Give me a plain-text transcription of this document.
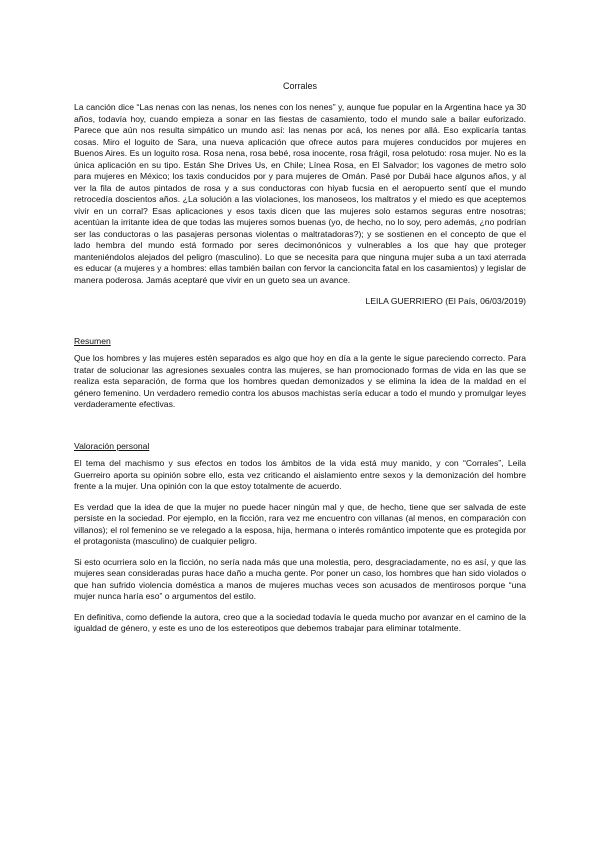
Corrales

La canción dice “Las nenas con las nenas, los nenes con los nenes” y, aunque fue popular en la Argentina hace ya 30 años, todavía hoy, cuando empieza a sonar en las fiestas de casamiento, todo el mundo sale a bailar euforizado. Parece que aún nos resulta simpático un mundo así: las nenas por acá, los nenes por allá. Eso explicaría tantas cosas. Miro el loguito de Sara, una nueva aplicación que ofrece autos para mujeres conducidos por mujeres en Buenos Aires. Es un loguito rosa. Rosa nena, rosa bebé, rosa inocente, rosa frágil, rosa pelotudo: rosa mujer. No es la única aplicación en su tipo. Están She Drives Us, en Chile; Línea Rosa, en El Salvador; los vagones de metro solo para mujeres en México; los taxis conducidos por y para mujeres de Omán. Pasé por Dubái hace algunos años, y al ver la fila de autos pintados de rosa y a sus conductoras con hiyab fucsia en el aeropuerto sentí que el mundo retrocedía doscientos años. ¿La solución a las violaciones, los manoseos, los maltratos y el miedo es que aceptemos vivir en un corral? Esas aplicaciones y esos taxis dicen que las mujeres solo estamos seguras entre nosotras; acentúan la irritante idea de que todas las mujeres somos buenas (yo, de hecho, no lo soy, pero además, ¿no podrían ser las conductoras o las pasajeras personas violentas o maltratadoras?); y se sostienen en el concepto de que el lado hembra del mundo está formado por seres decimonónicos y vulnerables a los que hay que proteger manteniéndolos alejados del peligro (masculino). Lo que se necesita para que ninguna mujer suba a un taxi aterrada es educar (a mujeres y a hombres: ellas también bailan con fervor la cancioncita fatal en los casamientos) y legislar de manera poderosa. Jamás aceptaré que vivir en un gueto sea un avance.

LEILA GUERRIERO (El País, 06/03/2019)
Resumen

Que los hombres y las mujeres estén separados es algo que hoy en día a la gente le sigue pareciendo correcto. Para tratar de solucionar las agresiones sexuales contra las mujeres, se han promocionado formas de vida en las que se realiza esta separación, de forma que los hombres quedan demonizados y se elimina la idea de la maldad en el género femenino. Un verdadero remedio contra los abusos machistas sería educar a todo el mundo y promulgar leyes verdaderamente efectivas.

Valoración personal

El tema del machismo y sus efectos en todos los ámbitos de la vida está muy manido, y con “Corrales”, Leila Guerreiro aporta su opinión sobre ello, esta vez criticando el aislamiento entre sexos y la demonización del hombre frente a la mujer. Una opinión con la que estoy totalmente de acuerdo.

Es verdad que la idea de que la mujer no puede hacer ningún mal y que, de hecho, tiene que ser salvada de este persiste en la sociedad. Por ejemplo, en la ficción, rara vez me encuentro con villanas (al menos, en comparación con villanos); el rol femenino se ve relegado a la esposa, hija, hermana o interés romántico impotente que es protegida por el protagonista (masculino) de cualquier peligro.

Si esto ocurriera solo en la ficción, no sería nada más que una molestia, pero, desgraciadamente, no es así, y que las mujeres sean consideradas puras hace daño a mucha gente. Por poner un caso, los hombres que han sido violados o que han sufrido violencia doméstica a manos de mujeres muchas veces son acusados de mentirosos porque “una mujer nunca haría eso” o argumentos del estilo.

En definitiva, como defiende la autora, creo que a la sociedad todavía le queda mucho por avanzar en el camino de la igualdad de género, y este es uno de los estereotipos que debemos trabajar para eliminar totalmente.
